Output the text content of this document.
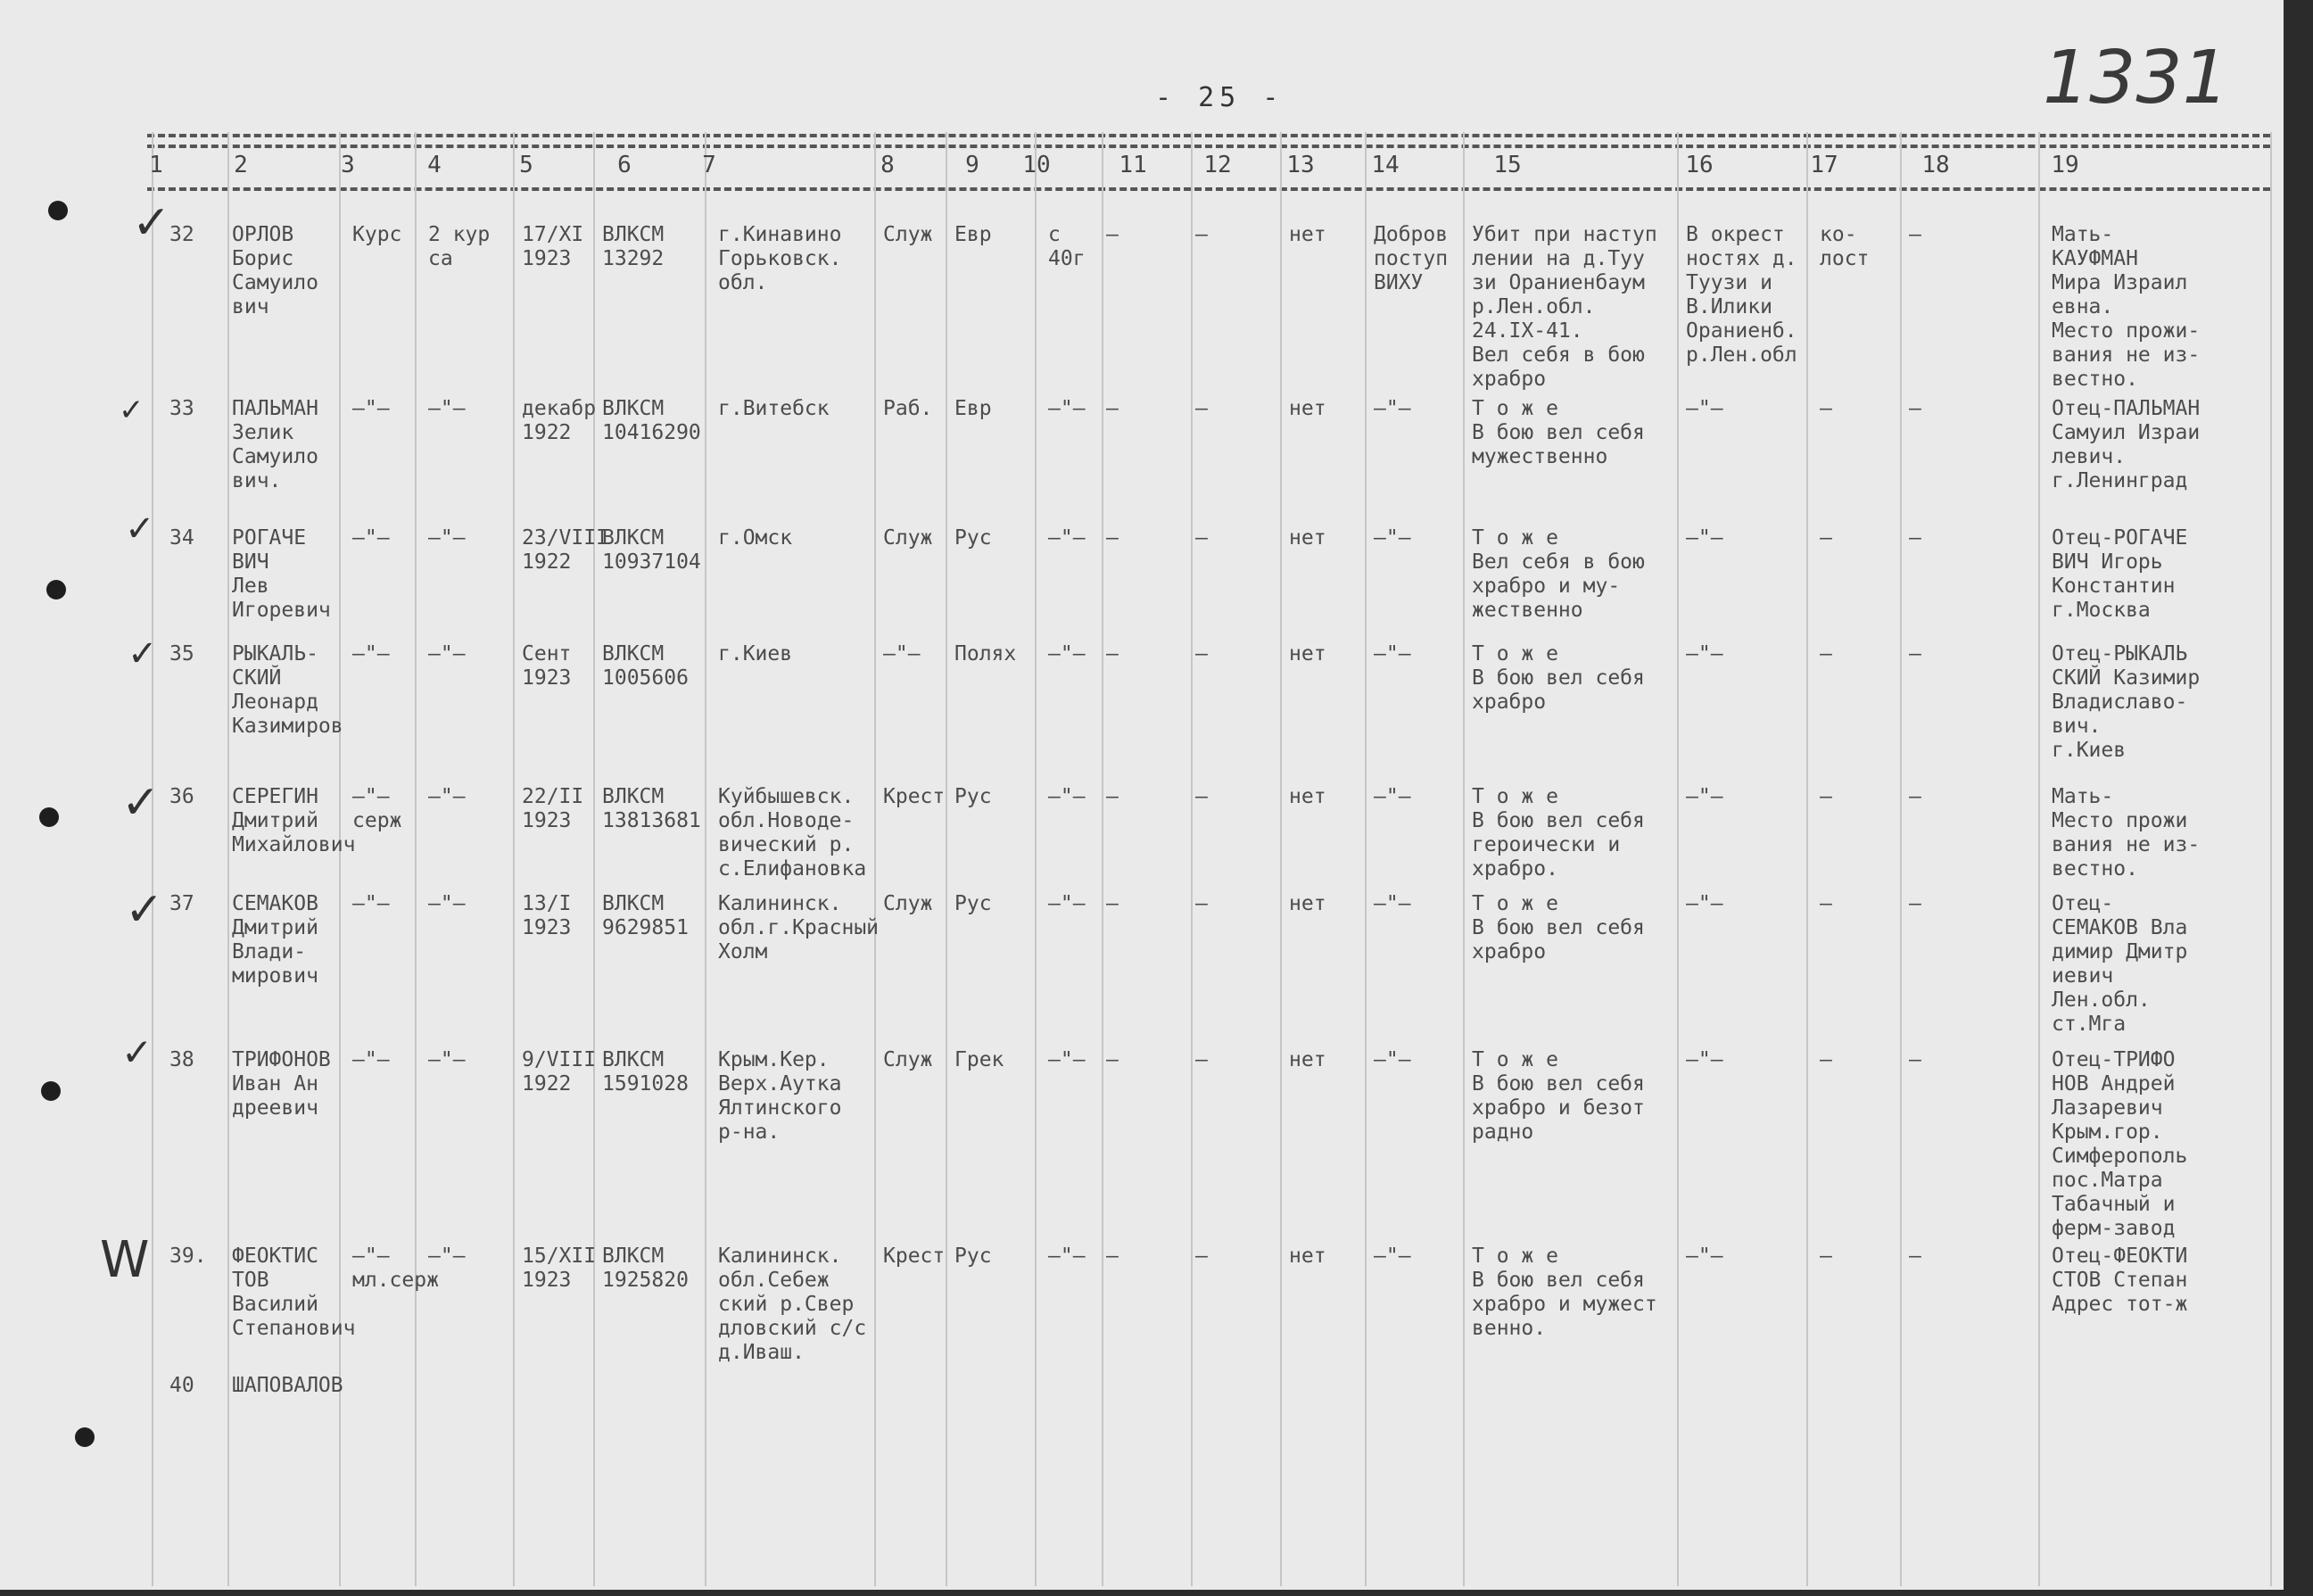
- 25 -	1331
1	2	3	4	5	6	7	8	9	10	11	12	13	14	15	16	17	18	19
32 ОРЛОВ
Борис
Самуило
вич
Курс 2 кур
са
17/XI
1923
ВЛКСМ
13292
г.Кинавино
Горьковск.
обл.
Служ Евр	с
40г
–	–	нет Добров
поступ
ВИХУ
Убит при наступ
лении на д.Туу
зи Ораниенбаум
р.Лен.обл.
24.IX-41.
Вел себя в бою
храбро
В окрест
ностях д.
Туузи и
В.Илики
Ораниенб.
р.Лен.обл
ко-
лост
–	Мать-
КАУФМАН
Мира Израил
евна.
Место прожи-
вания не из-
вестно.
33 ПАЛЬМАН
Зелик
Самуило
вич.
–"– –"–	декабр
1922
ВЛКСМ
10416290
г.Витебск	Раб. Евр	–"– –	–	нет –"–	Т о ж е
В бою вел себя
мужественно
–"–	–	–	Отец-ПАЛЬМАН
Самуил Израи
левич.
г.Ленинград
34 РОГАЧЕ
ВИЧ
Лев
Игоревич
–"– –"–	23/VIII
1922
ВЛКСМ
10937104
г.Омск	Служ Рус	–"– –	–	нет –"–	Т о ж е
Вел себя в бою
храбро и му-
жественно
–"–	–	–	Отец-РОГАЧЕ
ВИЧ Игорь
Константин
г.Москва
35 РЫКАЛЬ-
СКИЙ
Леонард
Казимиров
–"– –"–	Сент
1923
ВЛКСМ
1005606
г.Киев	–"– Полях –"– –	–	нет –"–	Т о ж е
В бою вел себя
храбро
–"–	–	–	Отец-РЫКАЛЬ
СКИЙ Казимир
Владиславо-
вич.
г.Киев
36 СЕРЕГИН
Дмитрий
Михайлович
–"–
серж
–"–	22/II
1923
ВЛКСМ
13813681
Куйбышевск.
обл.Новоде-
вический р.
с.Елифановка
Крест Рус	–"– –	–	нет –"–	Т о ж е
В бою вел себя
героически и
храбро.
–"–	–	–	Мать-
Место прожи
вания не из-
вестно.
37 СЕМАКОВ
Дмитрий
Влади-
мирович
–"– –"–	13/I
1923
ВЛКСМ
9629851
Калининск.
обл.г.Красный
Холм
Служ Рус	–"– –	–	нет –"–	Т о ж е
В бою вел себя
храбро
–"–	–	–	Отец-
СЕМАКОВ Вла
димир Дмитр
иевич
Лен.обл.
ст.Мга
38 ТРИФОНОВ
Иван Ан
дреевич
–"– –"–	9/VIII
1922
ВЛКСМ
1591028
Крым.Кер.
Верх.Аутка
Ялтинского
р-на.
Служ Грек –"– –	–	нет –"–	Т о ж е
В бою вел себя
храбро и безот
радно
–"–	–	–	Отец-ТРИФО
НОВ Андрей
Лазаревич
Крым.гор.
Симферополь
пос.Матра
Табачный и
ферм-завод
39. ФЕОКТИС
ТОВ
Василий
Степанович
–"–
мл.серж
–"–	15/XII
1923
ВЛКСМ
1925820
Калининск.
обл.Себеж
ский р.Свер
дловский с/с
д.Иваш.
Крест Рус	–"– –	–	нет –"–	Т о ж е
В бою вел себя
храбро и мужест
венно.
–"–	–	–	Отец-ФЕОКТИ
СТОВ Степан
Адрес тот-ж
40 ШАПОВАЛОВ
✓
✓
✓
✓
✓
✓
✓
W
